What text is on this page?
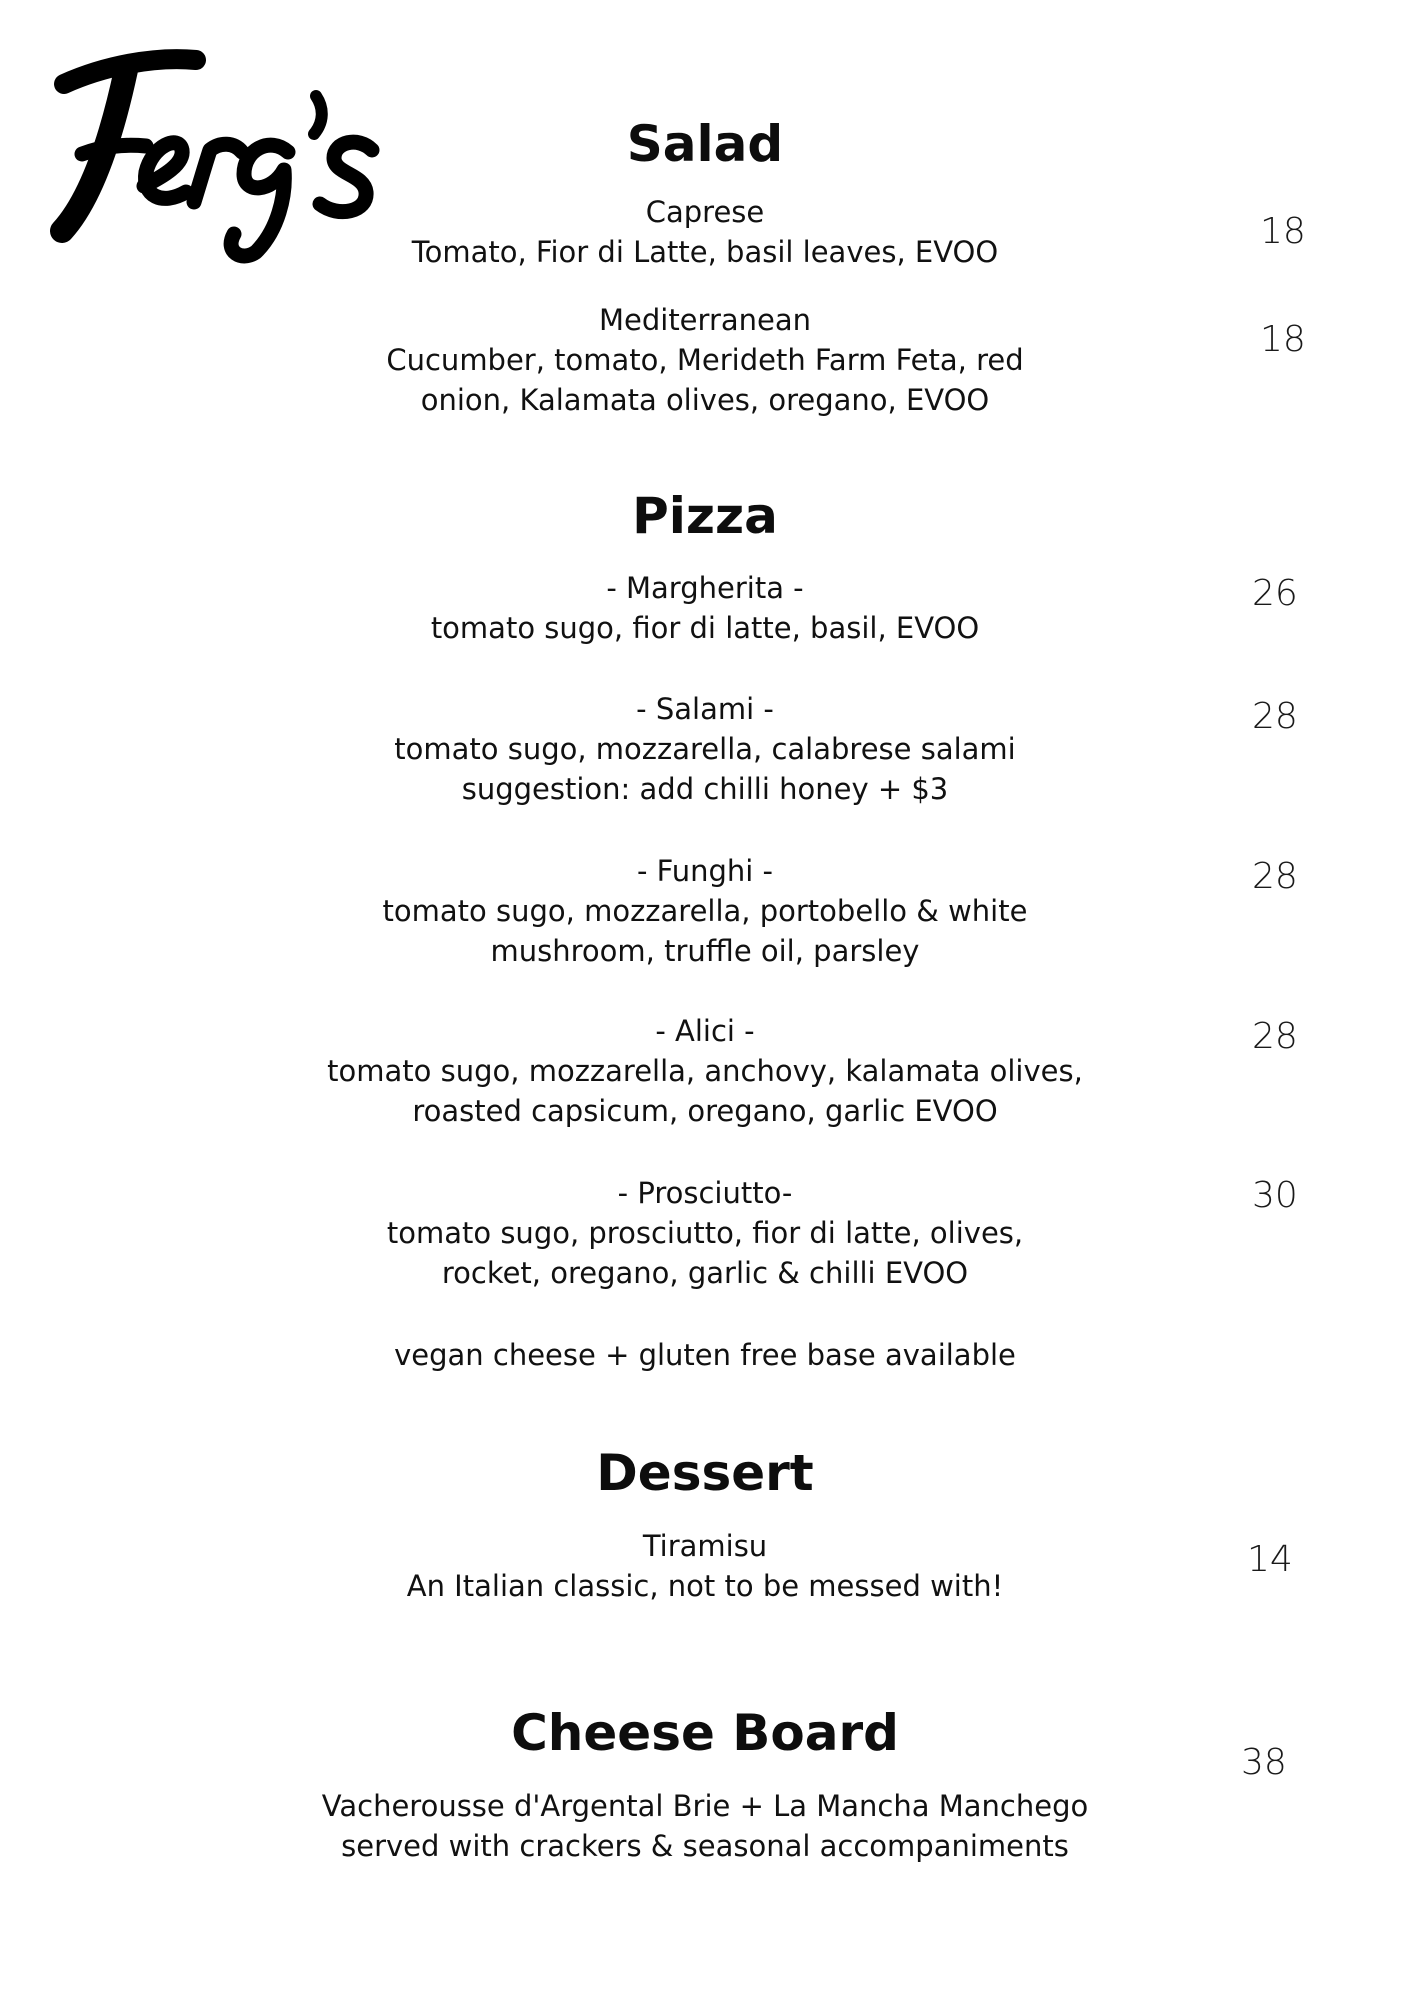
Salad
Caprese
Tomato, Fior di Latte, basil leaves, EVOO	18
Mediterranean
Cucumber, tomato, Merideth Farm Feta, red
onion, Kalamata olives, oregano, EVOO
18
Pizza
- Margherita -
tomato sugo, fior di latte, basil, EVOO
26
- Salami -
tomato sugo, mozzarella, calabrese salami
suggestion: add chilli honey + $3
28
- Funghi -
tomato sugo, mozzarella, portobello & white
mushroom, truffle oil, parsley
28
- Alici -
tomato sugo, mozzarella, anchovy, kalamata olives,
roasted capsicum, oregano, garlic EVOO
28
- Prosciutto-
tomato sugo, prosciutto, fior di latte, olives,
rocket, oregano, garlic & chilli EVOO
30
vegan cheese + gluten free base available
Dessert
Tiramisu
An Italian classic, not to be messed with!
14
Cheese Board
38
Vacherousse d'Argental Brie + La Mancha Manchego
served with crackers & seasonal accompaniments
